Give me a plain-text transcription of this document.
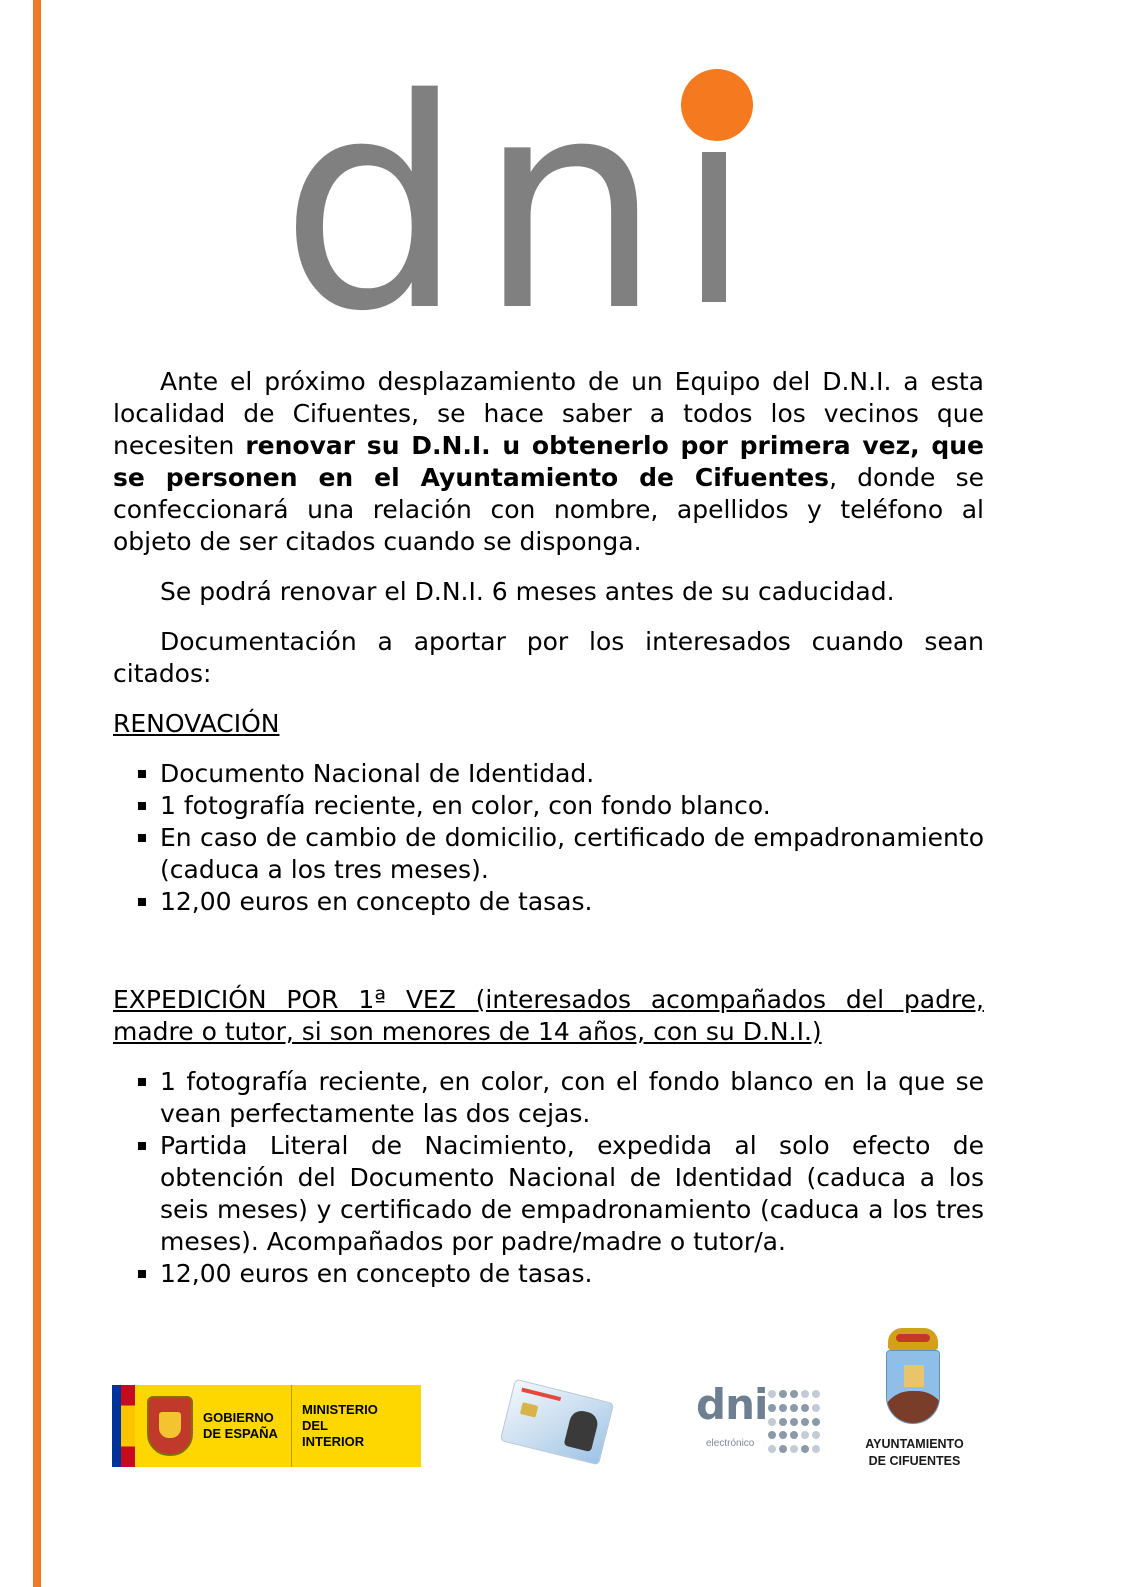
d n

Ante el próximo desplazamiento de un Equipo del D.N.I. a esta localidad de Cifuentes, se hace saber a todos los vecinos que necesiten renovar su D.N.I. u obtenerlo por primera vez, que se personen en el Ayuntamiento de Cifuentes, donde se confeccionará una relación con nombre, apellidos y teléfono al objeto de ser citados cuando se disponga.

Se podrá renovar el D.N.I. 6 meses antes de su caducidad.

Documentación a aportar por los interesados cuando sean citados:

RENOVACIÓN

Documento Nacional de Identidad.
1 fotografía reciente, en color, con fondo blanco.
En caso de cambio de domicilio, certificado de empadronamiento (caduca a los tres meses).
12,00 euros en concepto de tasas.

EXPEDICIÓN POR 1ª VEZ (interesados acompañados del padre, madre o tutor, si son menores de 14 años, con su D.N.I.)

1 fotografía reciente, en color, con el fondo blanco en la que se vean perfectamente las dos cejas.
Partida Literal de Nacimiento, expedida al solo efecto de obtención del Documento Nacional de Identidad (caduca a los seis meses) y certificado de empadronamiento (caduca a los tres meses). Acompañados por padre/madre o tutor/a.
12,00 euros en concepto de tasas.
GOBIERNO
DE ESPAÑA
MINISTERIO
DEL
INTERIOR
dni
electrónico	AYUNTAMIENTO
DE CIFUENTES
